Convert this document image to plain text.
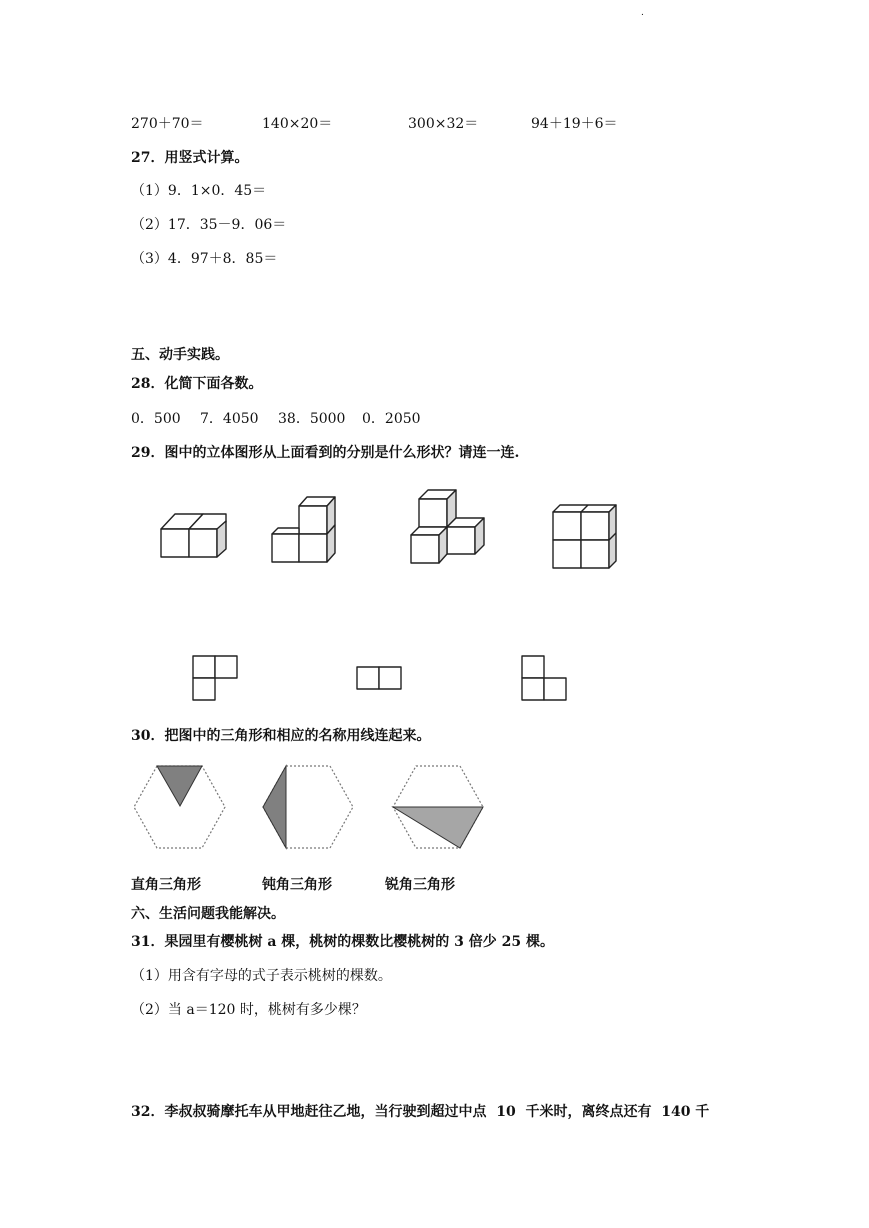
.
270＋70＝	140×20＝	300×32＝	94＋19＋6＝
27．用竖式计算。
（1）9．1×0．45＝
（2）17．35－9．06＝
（3）4．97＋8．85＝
五、动手实践。
28．化简下面各数。
0．500 7．4050 38．5000 0．2050
29．图中的立体图形从上面看到的分别是什么形状？请连一连.
30．把图中的三角形和相应的名称用线连起来。
直角三角形	钝角三角形	锐角三角形
六、生活问题我能解决。
31．果园里有樱桃树 a 棵，桃树的棵数比樱桃树的 3 倍少 25 棵。
（1）用含有字母的式子表示桃树的棵数。
（2）当 a＝120 时，桃树有多少棵？
32．李叔叔骑摩托车从甲地赶往乙地，当行驶到超过中点  10  千米时，离终点还有  140 千
